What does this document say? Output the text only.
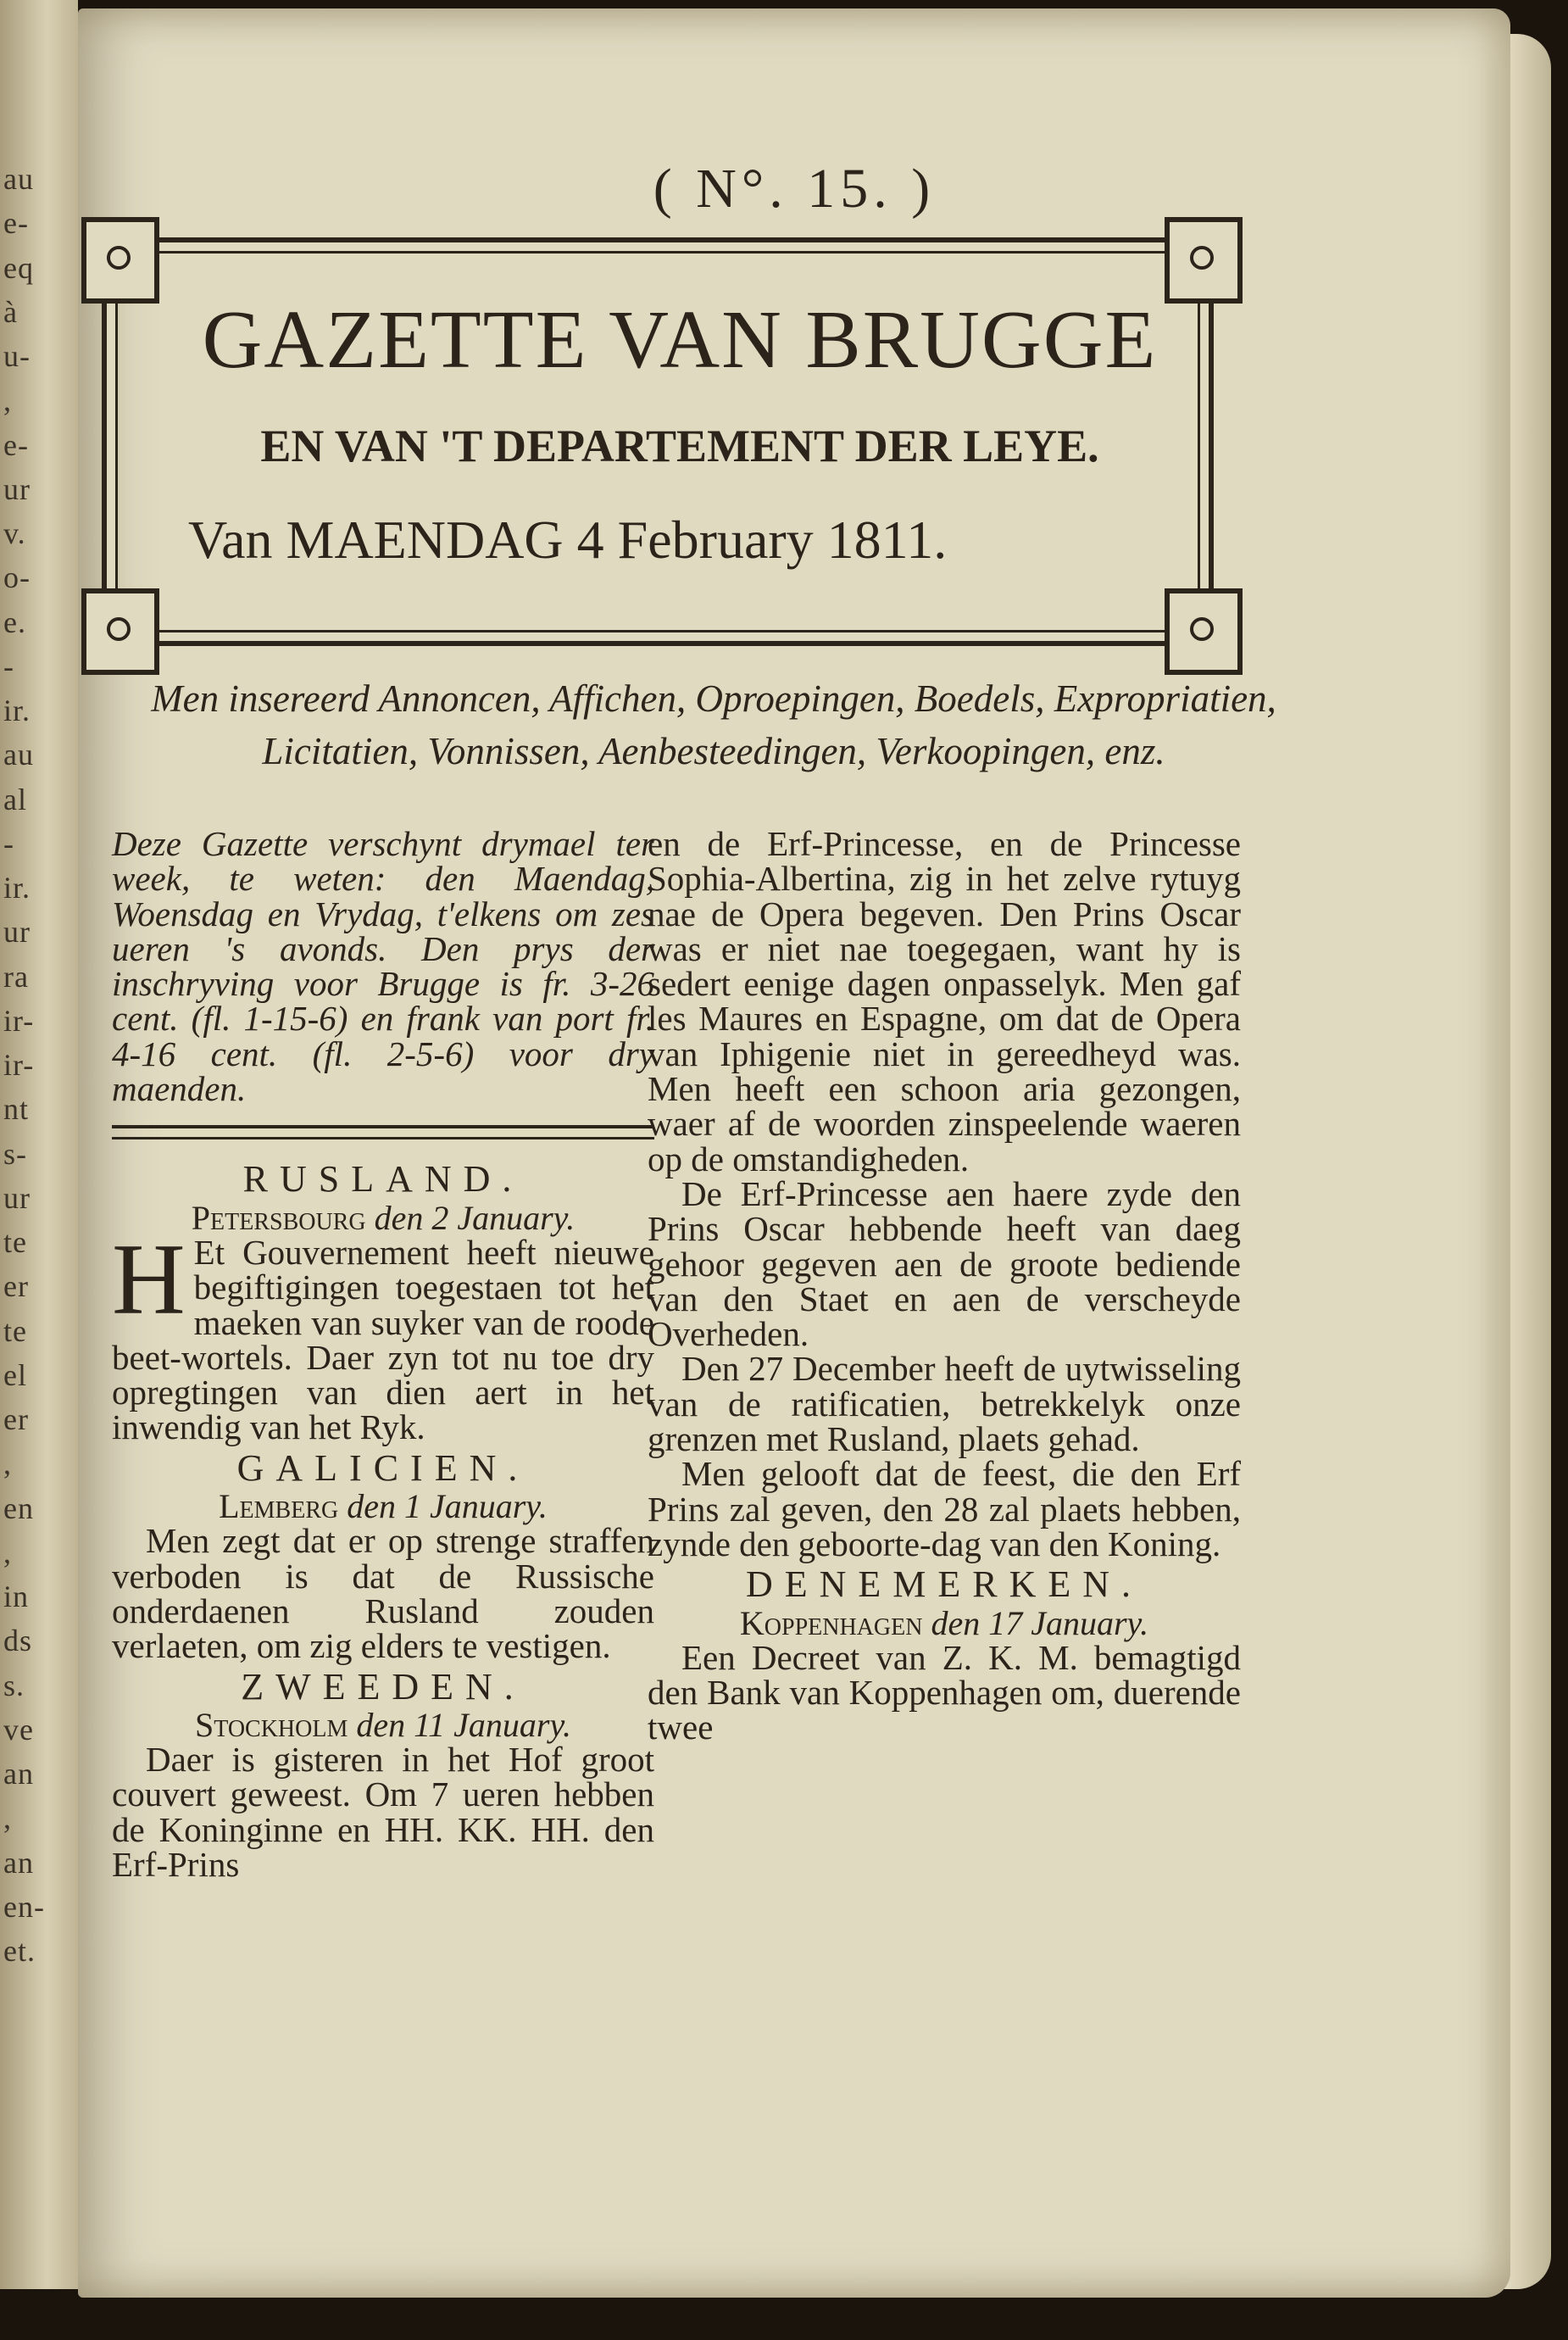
au
e-
eq
à
u-
,
e-
ur
v.
o-
e.
-
ir.
au
al
-
ir.
ur
ra
ir-
ir-
nt
s-
ur
te
er
te
el
er
,
en
,
in
ds
s.
ve
an
,
an
en-
et.
( N°. 15. )
GAZETTE VAN BRUGGE
EN VAN 'T DEPARTEMENT DER LEYE.
Van MAENDAG 4 February 1811.
Men insereerd Annoncen, Affichen, Oproepingen, Boedels, Expropriatien,
Licitatien, Vonnissen, Aenbesteedingen, Verkoopingen, enz.

Deze Gazette verschynt drymael ter week, te weten: den Maendag, Woensdag en Vrydag, t'elkens om zes ueren 's avonds. Den prys der inschryving voor Brugge is fr. 3-26 cent. (fl. 1-15-6) en frank van port fr. 4-16 cent. (fl. 2-5-6) voor dry maenden.

RUSLAND.
Petersbourg den 2 January.

H Et Gouvernement heeft nieuwe begiftigingen toegestaen tot het maeken van suyker van de roode beet-wortels. Daer zyn tot nu toe dry opregtingen van dien aert in het inwendig van het Ryk.

GALICIEN.
Lemberg den 1 January.

Men zegt dat er op strenge straffen verboden is dat de Russische onderdaenen Rusland zouden verlaeten, om zig elders te vestigen.

ZWEEDEN.
Stockholm den 11 January.

Daer is gisteren in het Hof groot couvert geweest. Om 7 ueren hebben de Koninginne en HH. KK. HH. den Erf-Prins

en de Erf-Princesse, en de Princesse Sophia-Albertina, zig in het zelve rytuyg nae de Opera begeven. Den Prins Oscar was er niet nae toegegaen, want hy is sedert eenige dagen onpasselyk. Men gaf les Maures en Espagne, om dat de Opera van Iphigenie niet in gereedheyd was. Men heeft een schoon aria gezongen, waer af de woorden zinspeelende waeren op de omstandigheden.

De Erf-Princesse aen haere zyde den Prins Oscar hebbende heeft van daeg gehoor gegeven aen de groote bediende van den Staet en aen de verscheyde Overheden.

Den 27 December heeft de uytwisseling van de ratificatien, betrekkelyk onze grenzen met Rusland, plaets gehad.

Men gelooft dat de feest, die den Erf Prins zal geven, den 28 zal plaets hebben, zynde den geboorte-dag van den Koning.

DENEMERKEN.
Koppenhagen den 17 January.

Een Decreet van Z. K. M. bemagtigd den Bank van Koppenhagen om, duerende twee
